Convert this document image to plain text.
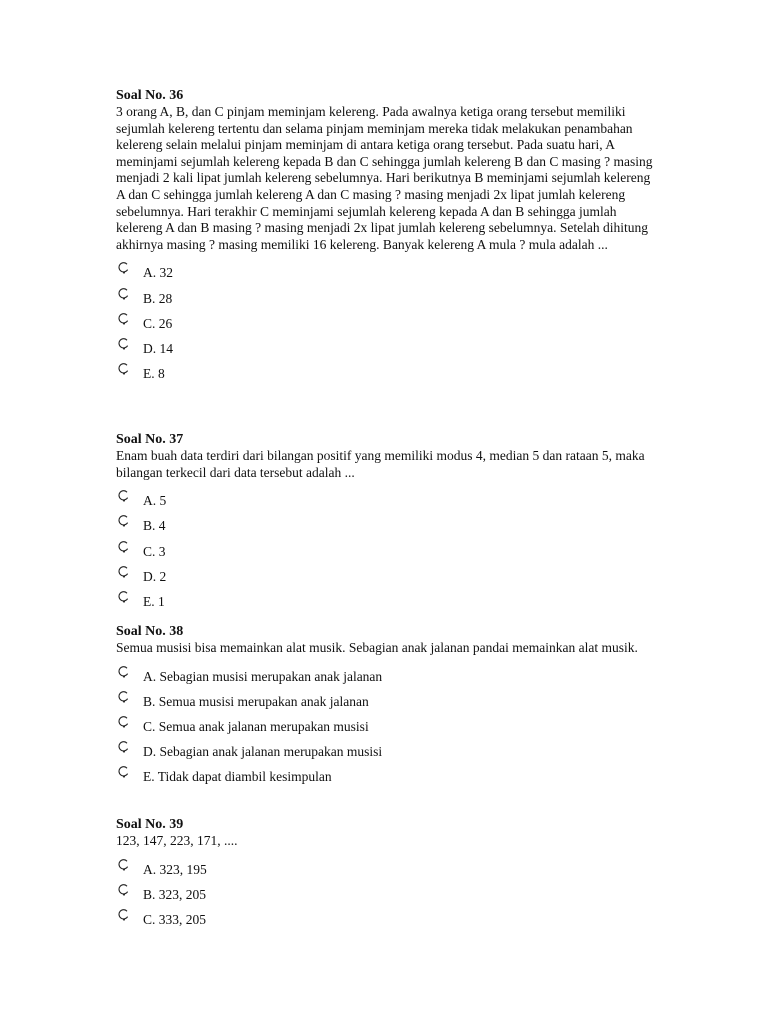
Soal No. 36
3 orang A, B, dan C pinjam meminjam kelereng. Pada awalnya ketiga orang tersebut memiliki sejumlah kelereng tertentu dan selama pinjam meminjam mereka tidak melakukan penambahan kelereng selain melalui pinjam meminjam di antara ketiga orang tersebut. Pada suatu hari, A meminjami sejumlah kelereng kepada B dan C sehingga jumlah kelereng B dan C masing ? masing menjadi 2 kali lipat jumlah kelereng sebelumnya. Hari berikutnya B meminjami sejumlah kelereng A dan C sehingga jumlah kelereng A dan C masing ? masing menjadi 2x lipat jumlah kelereng sebelumnya. Hari terakhir C meminjami sejumlah kelereng kepada A dan B sehingga jumlah kelereng A dan B masing ? masing menjadi 2x lipat jumlah kelereng sebelumnya. Setelah dihitung akhirnya masing ? masing memiliki 16 kelereng. Banyak kelereng A mula ? mula adalah ...
A. 32
B. 28
C. 26
D. 14
E. 8
Soal No. 37
Enam buah data terdiri dari bilangan positif yang memiliki modus 4, median 5 dan rataan 5, maka bilangan terkecil dari data tersebut adalah ...
A. 5
B. 4
C. 3
D. 2
E. 1
Soal No. 38
Semua musisi bisa memainkan alat musik. Sebagian anak jalanan pandai memainkan alat musik.
A. Sebagian musisi merupakan anak jalanan
B. Semua musisi merupakan anak jalanan
C. Semua anak jalanan merupakan musisi
D. Sebagian anak jalanan merupakan musisi
E. Tidak dapat diambil kesimpulan
Soal No. 39
123, 147, 223, 171, ....
A. 323, 195
B. 323, 205
C. 333, 205
